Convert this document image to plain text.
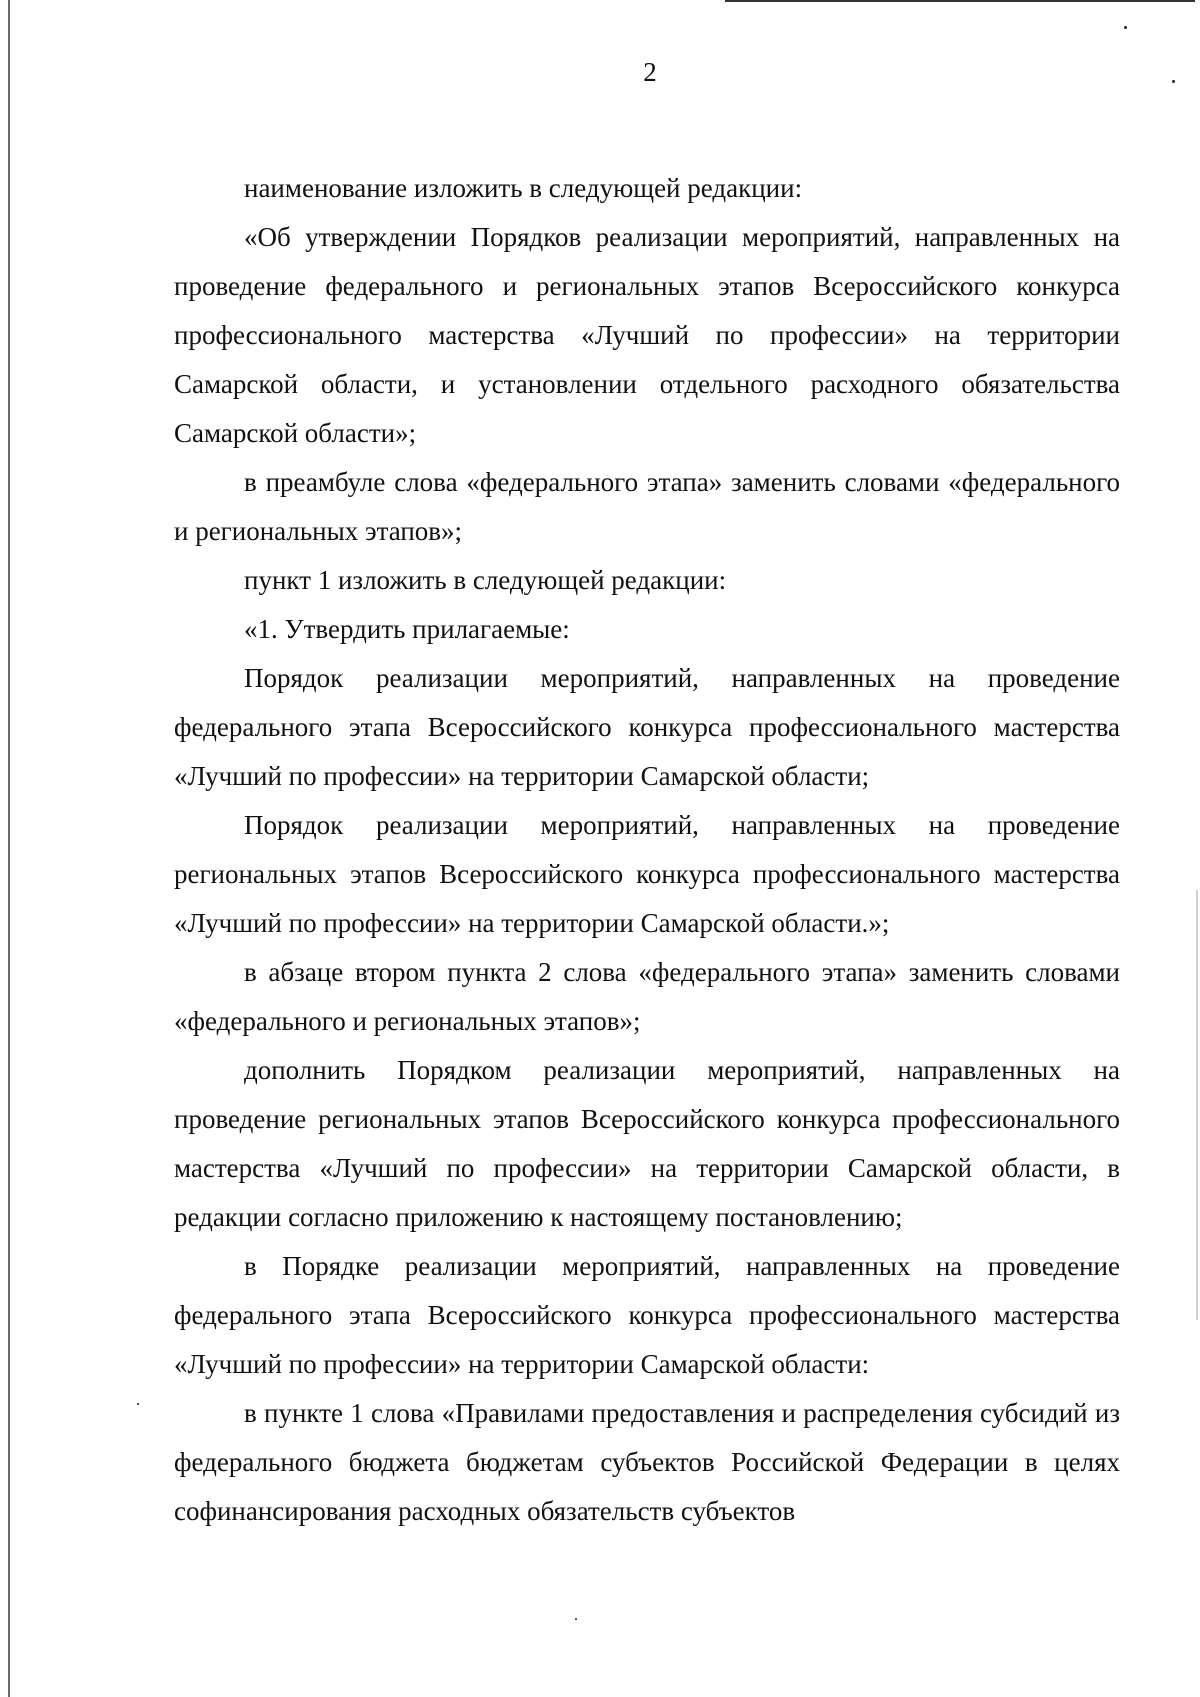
2

наименование изложить в следующей редакции:

«Об утверждении Порядков реализации мероприятий, направленных на проведение федерального и региональных этапов Всероссийского конкурса профессионального мастерства «Лучший по профессии» на территории Самарской области, и установлении отдельного расходного обязательства Самарской области»;

в преамбуле слова «федерального этапа» заменить словами «федерального и региональных этапов»;

пункт 1 изложить в следующей редакции:

«1. Утвердить прилагаемые:

Порядок реализации мероприятий, направленных на проведение федерального этапа Всероссийского конкурса профессионального мастерства «Лучший по профессии» на территории Самарской области;

Порядок реализации мероприятий, направленных на проведение региональных этапов Всероссийского конкурса профессионального мастерства «Лучший по профессии» на территории Самарской области.»;

в абзаце втором пункта 2 слова «федерального этапа» заменить словами «федерального и региональных этапов»;

дополнить Порядком реализации мероприятий, направленных на проведение региональных этапов Всероссийского конкурса профессионального мастерства «Лучший по профессии» на территории Самарской области, в редакции согласно приложению к настоящему постановлению;

в Порядке реализации мероприятий, направленных на проведение федерального этапа Всероссийского конкурса профессионального мастерства «Лучший по профессии» на территории Самарской области:

в пункте 1 слова «Правилами предоставления и распределения субсидий из федерального бюджета бюджетам субъектов Российской Федерации в целях софинансирования расходных обязательств субъектов
